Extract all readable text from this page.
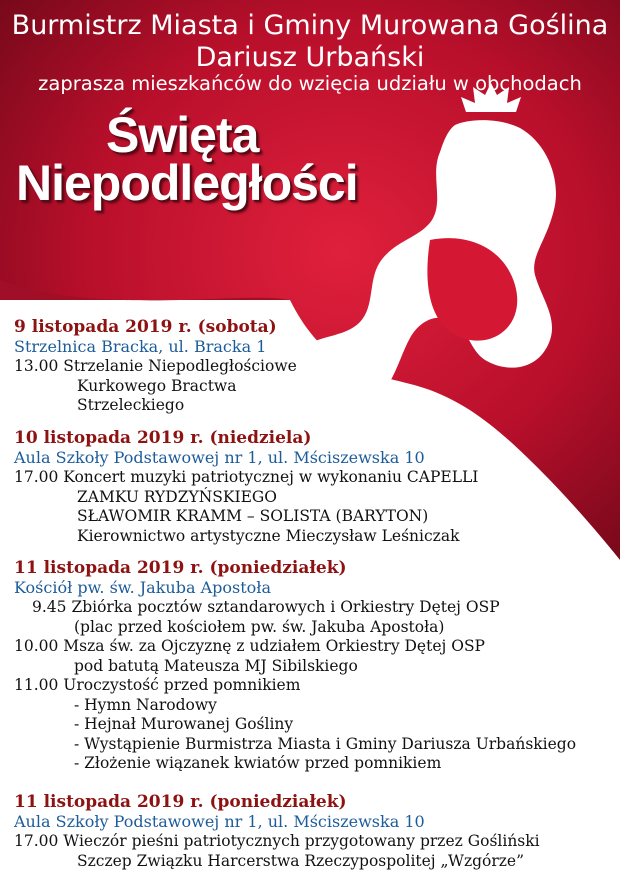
Burmistrz Miasta i Gminy Murowana Goślina
Dariusz Urbański
zaprasza mieszkańców do wzięcia udziału w obchodach
Święta
Niepodległości
9 listopada 2019 r. (sobota)
Strzelnica Bracka, ul. Bracka 1
13.00 Strzelanie Niepodległościowe
Kurkowego Bractwa
Strzeleckiego
10 listopada 2019 r. (niedziela)
Aula Szkoły Podstawowej nr 1, ul. Mściszewska 10
17.00 Koncert muzyki patriotycznej w wykonaniu CAPELLI
ZAMKU RYDZYŃSKIEGO
SŁAWOMIR KRAMM – SOLISTA (BARYTON)
Kierownictwo artystyczne Mieczysław Leśniczak
11 listopada 2019 r. (poniedziałek)
Kościół pw. św. Jakuba Apostoła
9.45 Zbiórka pocztów sztandarowych i Orkiestry Dętej OSP
(plac przed kościołem pw. św. Jakuba Apostoła)
10.00 Msza św. za Ojczyznę z udziałem Orkiestry Dętej OSP
pod batutą Mateusza MJ Sibilskiego
11.00 Uroczystość przed pomnikiem
- Hymn Narodowy
- Hejnał Murowanej Gośliny
- Wystąpienie Burmistrza Miasta i Gminy Dariusza Urbańskiego
- Złożenie wiązanek kwiatów przed pomnikiem
11 listopada 2019 r. (poniedziałek)
Aula Szkoły Podstawowej nr 1, ul. Mściszewska 10
17.00 Wieczór pieśni patriotycznych przygotowany przez Gośliński
Szczep Związku Harcerstwa Rzeczypospolitej „Wzgórze”
